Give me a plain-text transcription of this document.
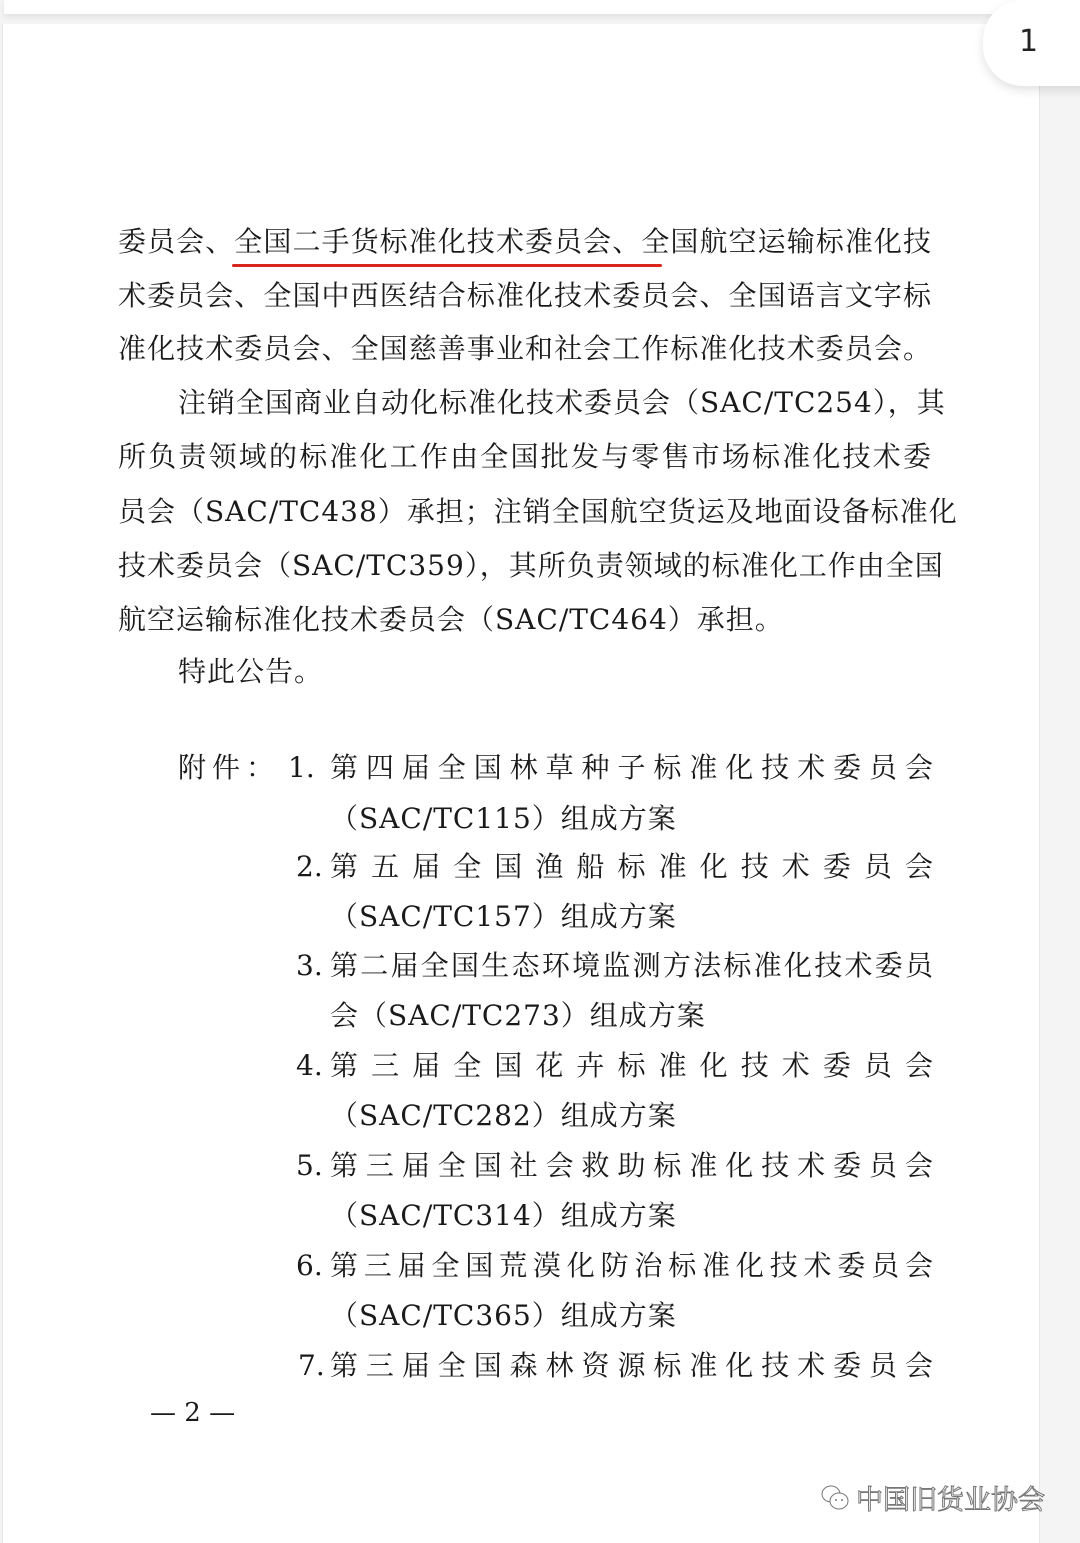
1
委员会、全国二手货标准化技术委员会、全国航空运输标准化技
术委员会、全国中西医结合标准化技术委员会、全国语言文字标
准化技术委员会、全国慈善事业和社会工作标准化技术委员会。
注销全国商业自动化标准化技术委员会（SAC/TC254），其
所负责领域的标准化工作由全国批发与零售市场标准化技术委
员会（SAC/TC438）承担；注销全国航空货运及地面设备标准化
技术委员会（SAC/TC359），其所负责领域的标准化工作由全国
航空运输标准化技术委员会（SAC/TC464）承担。
特此公告。
附件： 1. 第四届全国林草种子标准化技术委员会
（SAC/TC115）组成方案
2. 第五届全国渔船标准化技术委员会
（SAC/TC157）组成方案
3. 第二届全国生态环境监测方法标准化技术委员
会（SAC/TC273）组成方案
4. 第三届全国花卉标准化技术委员会
（SAC/TC282）组成方案
5. 第三届全国社会救助标准化技术委员会
（SAC/TC314）组成方案
6. 第三届全国荒漠化防治标准化技术委员会
（SAC/TC365）组成方案
7. 第三届全国森林资源标准化技术委员会
— 2 —
中国旧货业协会
